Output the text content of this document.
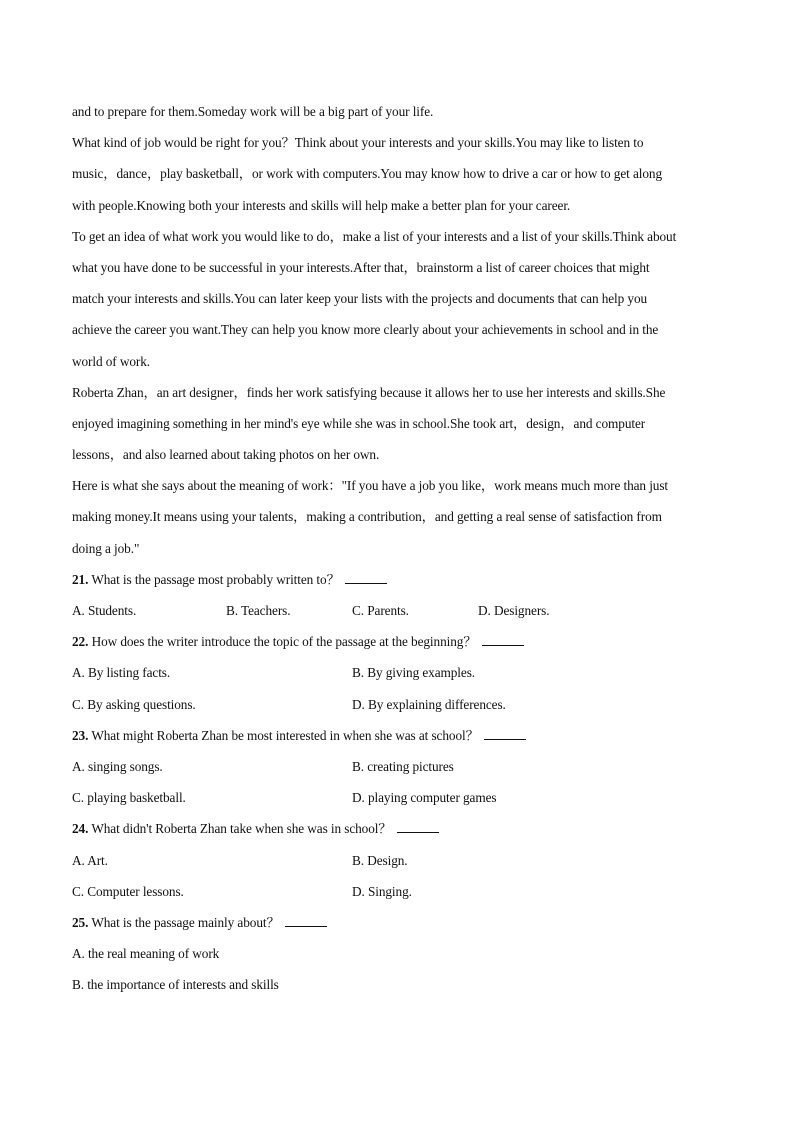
and to prepare for them.Someday work will be a big part of your life.
What kind of job would be right for you？Think about your interests and your skills.You may like to listen to
music，dance，play basketball，or work with computers.You may know how to drive a car or how to get along
with people.Knowing both your interests and skills will help make a better plan for your career.
To get an idea of what work you would like to do，make a list of your interests and a list of your skills.Think about
what you have done to be successful in your interests.After that，brainstorm a list of career choices that might
match your interests and skills.You can later keep your lists with the projects and documents that can help you
achieve the career you want.They can help you know more clearly about your achievements in school and in the
world of work.
Roberta Zhan，an art designer，finds her work satisfying because it allows her to use her interests and skills.She
enjoyed imagining something in her mind's eye while she was in school.She took art，design，and computer
lessons，and also learned about taking photos on her own.
Here is what she says about the meaning of work："If you have a job you like，work means much more than just
making money.It means using your talents，making a contribution，and getting a real sense of satisfaction from
doing a job."
21. What is the passage most probably written to？
A. Students.	B. Teachers.	C. Parents.	D. Designers.
22. How does the writer introduce the topic of the passage at the beginning？
A. By listing facts.	B. By giving examples.
C. By asking questions.	D. By explaining differences.
23. What might Roberta Zhan be most interested in when she was at school？
A. singing songs.	B. creating pictures
C. playing basketball.	D. playing computer games
24. What didn't Roberta Zhan take when she was in school？
A. Art.	B. Design.
C. Computer lessons.	D. Singing.
25. What is the passage mainly about？
A. the real meaning of work
B. the importance of interests and skills
